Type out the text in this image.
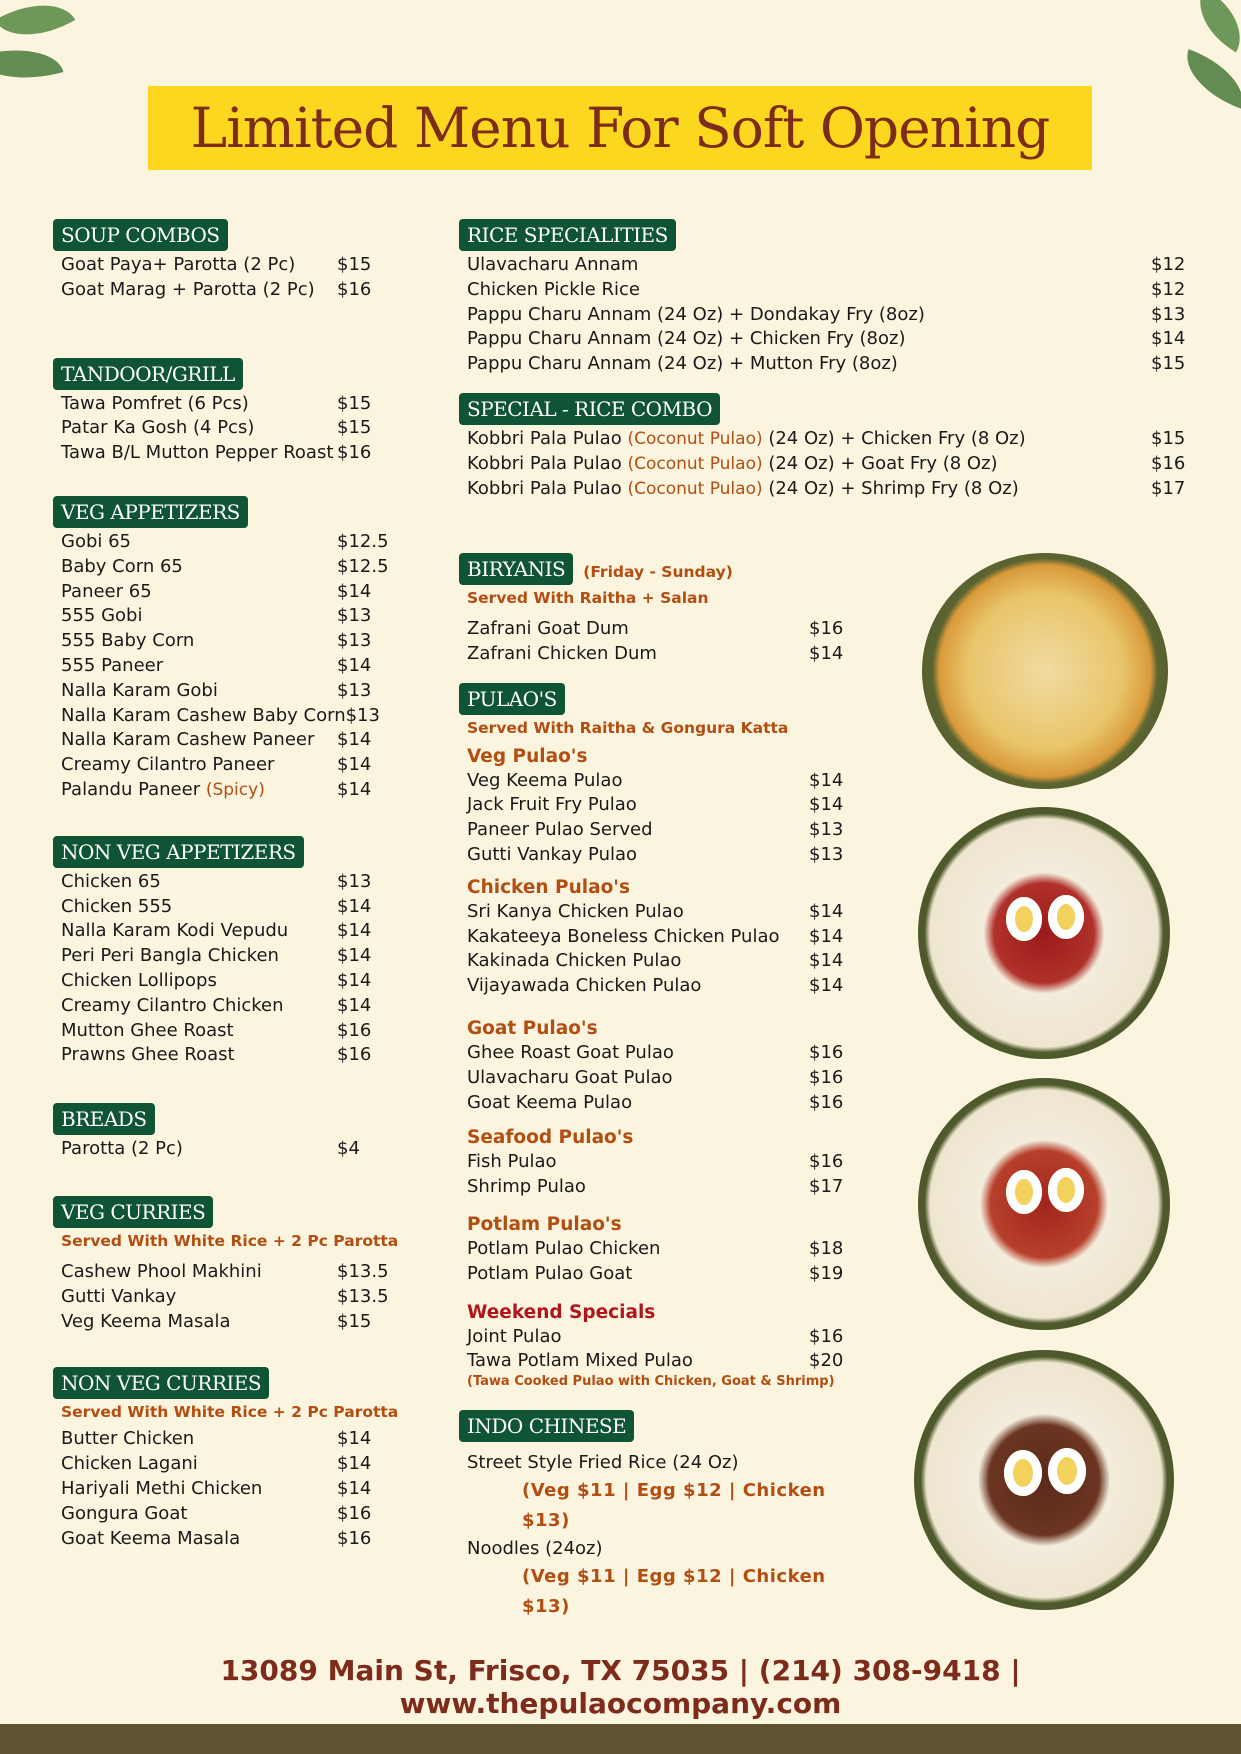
Limited Menu For Soft Opening
SOUP COMBOS
Goat Paya+ Parotta (2 Pc) $15
Goat Marag + Parotta (2 Pc) $16
TANDOOR/GRILL
Tawa Pomfret (6 Pcs)	$15
Patar Ka Gosh (4 Pcs)	$15
Tawa B/L Mutton Pepper Roast $16
VEG APPETIZERS
Gobi 65	$12.5
Baby Corn 65	$12.5
Paneer 65	$14
555 Gobi	$13
555 Baby Corn	$13
555 Paneer	$14
Nalla Karam Gobi	$13
Nalla Karam Cashew Baby Corn $13
Nalla Karam Cashew Paneer $14
Creamy Cilantro Paneer	$14
Palandu Paneer (Spicy)	$14
NON VEG APPETIZERS
Chicken 65	$13
Chicken 555	$14
Nalla Karam Kodi Vepudu	$14
Peri Peri Bangla Chicken	$14
Chicken Lollipops	$14
Creamy Cilantro Chicken	$14
Mutton Ghee Roast	$16
Prawns Ghee Roast	$16
BREADS
Parotta (2 Pc)	$4
VEG CURRIES
Served With White Rice + 2 Pc Parotta
Cashew Phool Makhini	$13.5
Gutti Vankay	$13.5
Veg Keema Masala	$15
NON VEG CURRIES
Served With White Rice + 2 Pc Parotta
Butter Chicken	$14
Chicken Lagani	$14
Hariyali Methi Chicken	$14
Gongura Goat	$16
Goat Keema Masala	$16
RICE SPECIALITIES
Ulavacharu Annam	$12
Chicken Pickle Rice	$12
Pappu Charu Annam (24 Oz) + Dondakay Fry (8oz)	$13
Pappu Charu Annam (24 Oz) + Chicken Fry (8oz)	$14
Pappu Charu Annam (24 Oz) + Mutton Fry (8oz)	$15
SPECIAL - RICE COMBO
Kobbri Pala Pulao (Coconut Pulao) (24 Oz) + Chicken Fry (8 Oz)	$15
Kobbri Pala Pulao (Coconut Pulao) (24 Oz) + Goat Fry (8 Oz)	$16
Kobbri Pala Pulao (Coconut Pulao) (24 Oz) + Shrimp Fry (8 Oz)	$17
BIRYANIS (Friday - Sunday)
Served With Raitha + Salan
Zafrani Goat Dum	$16
Zafrani Chicken Dum	$14
PULAO'S
Served With Raitha & Gongura Katta
Veg Pulao's
Veg Keema Pulao	$14
Jack Fruit Fry Pulao	$14
Paneer Pulao Served	$13
Gutti Vankay Pulao	$13
Chicken Pulao's
Sri Kanya Chicken Pulao	$14
Kakateeya Boneless Chicken Pulao $14
Kakinada Chicken Pulao	$14
Vijayawada Chicken Pulao	$14
Goat Pulao's
Ghee Roast Goat Pulao	$16
Ulavacharu Goat Pulao	$16
Goat Keema Pulao	$16
Seafood Pulao's
Fish Pulao	$16
Shrimp Pulao	$17
Potlam Pulao's
Potlam Pulao Chicken	$18
Potlam Pulao Goat	$19
Weekend Specials
Joint Pulao	$16
Tawa Potlam Mixed Pulao	$20
(Tawa Cooked Pulao with Chicken, Goat & Shrimp)
INDO CHINESE
Street Style Fried Rice (24 Oz)
(Veg $11 | Egg $12 | Chicken $13)
Noodles (24oz)
(Veg $11 | Egg $12 | Chicken $13)
13089 Main St, Frisco, TX 75035 | (214) 308-9418 | www.thepulaocompany.com
